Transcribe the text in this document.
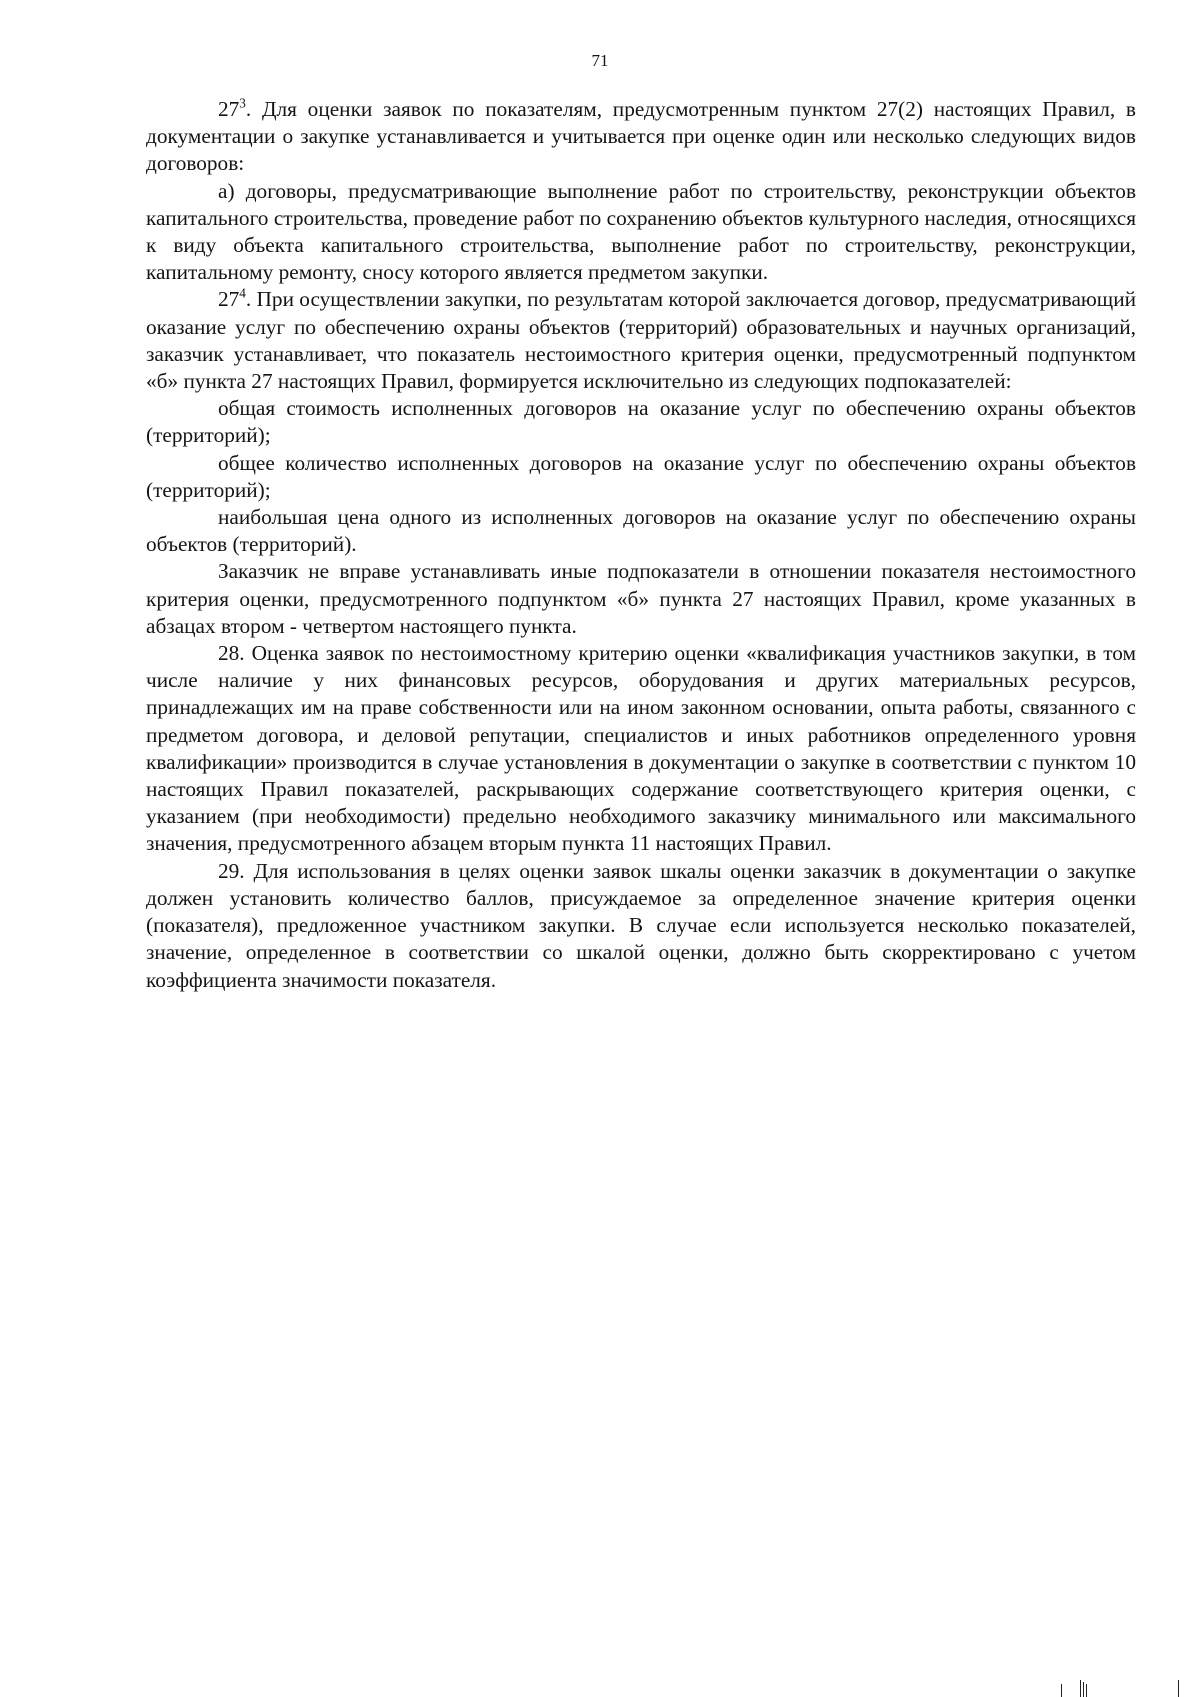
71

$27^3$. Для оценки заявок по показателям, предусмотренным пунктом 27(2) настоящих Правил, в документации о закупке устанавливается и учитывается при оценке один или несколько следующих видов договоров:

а) договоры, предусматривающие выполнение работ по строительству, реконструкции объектов капитального строительства, проведение работ по сохранению объектов культурного наследия, относящихся к виду объекта капитального строительства, выполнение работ по строительству, реконструкции, капитальному ремонту, сносу которого является предметом закупки.

$27^4$. При осуществлении закупки, по результатам которой заключается договор, предусматривающий оказание услуг по обеспечению охраны объектов (территорий) образовательных и научных организаций, заказчик устанавливает, что показатель нестоимостного критерия оценки, предусмотренный подпунктом «б» пункта 27 настоящих Правил, формируется исключительно из следующих подпоказателей:

общая стоимость исполненных договоров на оказание услуг по обеспечению охраны объектов (территорий);

общее количество исполненных договоров на оказание услуг по обеспечению охраны объектов (территорий);

наибольшая цена одного из исполненных договоров на оказание услуг по обеспечению охраны объектов (территорий).

Заказчик не вправе устанавливать иные подпоказатели в отношении показателя нестоимостного критерия оценки, предусмотренного подпунктом «б» пункта 27 настоящих Правил, кроме указанных в абзацах втором - четвертом настоящего пункта.

28. Оценка заявок по нестоимостному критерию оценки «квалификация участников закупки, в том числе наличие у них финансовых ресурсов, оборудования и других материальных ресурсов, принадлежащих им на праве собственности или на ином законном основании, опыта работы, связанного с предметом договора, и деловой репутации, специалистов и иных работников определенного уровня квалификации» производится в случае установления в документации о закупке в соответствии с пунктом 10 настоящих Правил показателей, раскрывающих содержание соответствующего критерия оценки, с указанием (при необходимости) предельно необходимого заказчику минимального или максимального значения, предусмотренного абзацем вторым пункта 11 настоящих Правил.

29. Для использования в целях оценки заявок шкалы оценки заказчик в документации о закупке должен установить количество баллов, присуждаемое за определенное значение критерия оценки (показателя), предложенное участником закупки. В случае если используется несколько показателей, значение, определенное в соответствии со шкалой оценки, должно быть скорректировано с учетом коэффициента значимости показателя.
